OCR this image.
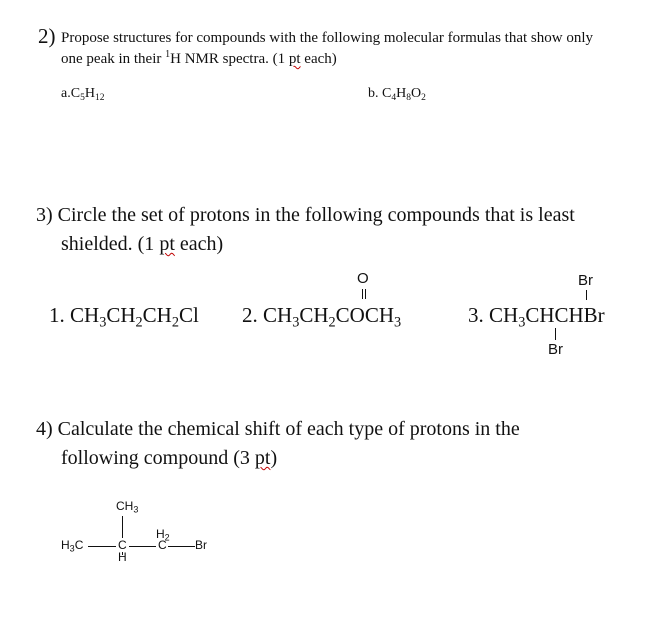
2) Propose structures for compounds with the following molecular formulas that show only
one peak in their $^1$H NMR spectra. (1 pt each)
$a.C_5H_{12}$	b. $C_4H_8O_2$
3) Circle the set of protons in the following compounds that is least
shielded. (1 pt each)
1. $CH_3CH_2CH_2Cl$ 2. $CH_3CH_2COCH_3$
O
3. $CH_3CHCHBr$
Br
Br
4) Calculate the chemical shift of each type of protons in the
following compound (3 pt)
$CH_3$
$H_3C$	C
H
$H_2$
C Br
